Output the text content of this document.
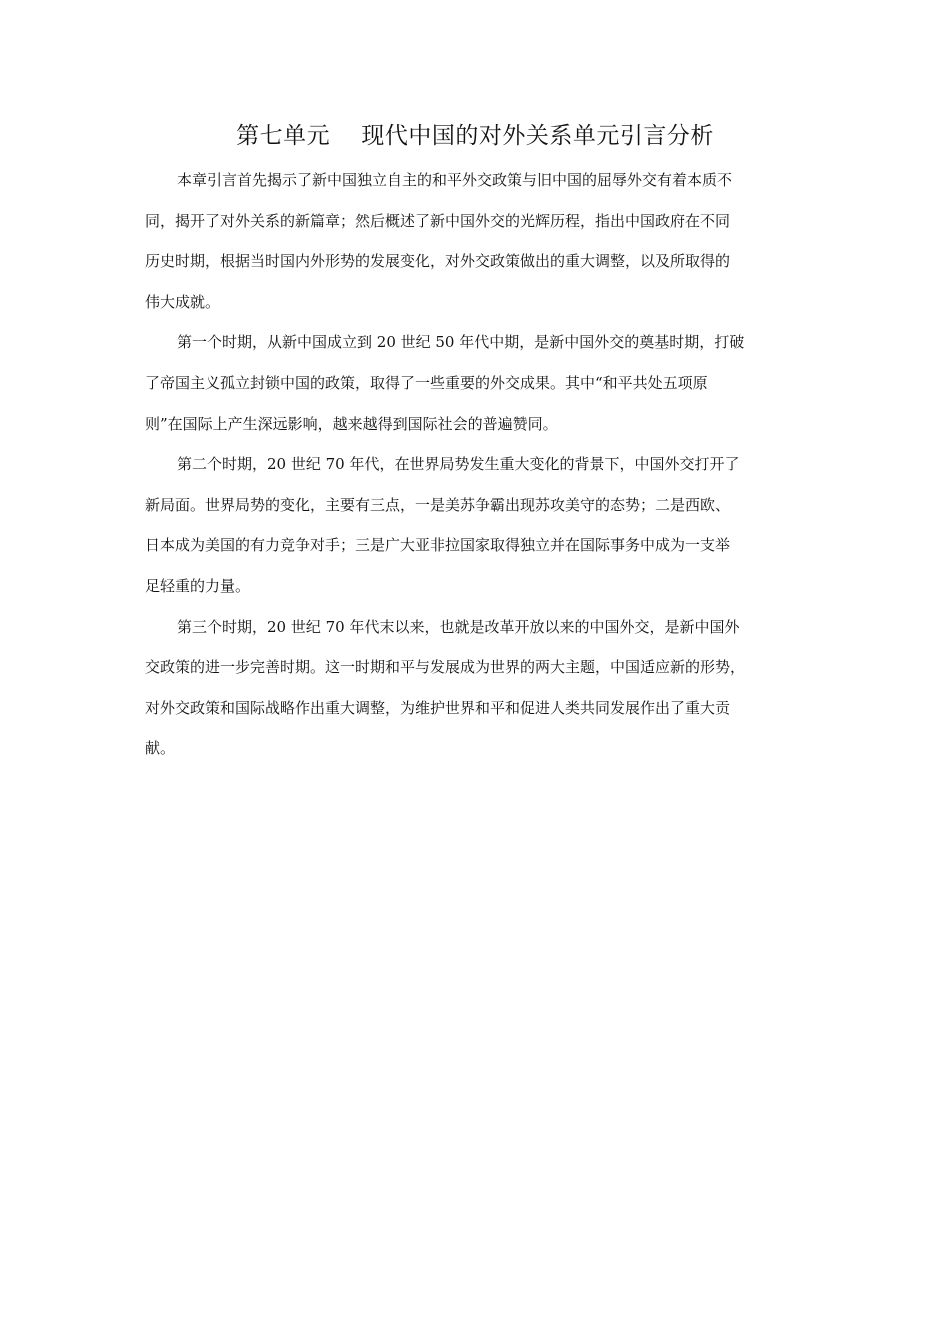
第七单元    现代中国的对外关系单元引言分析

本章引言首先揭示了新中国独立自主的和平外交政策与旧中国的屈辱外交有着本质不
同，揭开了对外关系的新篇章；然后概述了新中国外交的光辉历程，指出中国政府在不同
历史时期，根据当时国内外形势的发展变化，对外交政策做出的重大调整，以及所取得的
伟大成就。

第一个时期，从新中国成立到 20 世纪 50 年代中期，是新中国外交的奠基时期，打破
了帝国主义孤立封锁中国的政策，取得了一些重要的外交成果。其中“和平共处五项原
则”在国际上产生深远影响，越来越得到国际社会的普遍赞同。

第二个时期，20 世纪 70 年代，在世界局势发生重大变化的背景下，中国外交打开了
新局面。世界局势的变化，主要有三点，一是美苏争霸出现苏攻美守的态势；二是西欧、
日本成为美国的有力竞争对手；三是广大亚非拉国家取得独立并在国际事务中成为一支举
足轻重的力量。

第三个时期，20 世纪 70 年代末以来，也就是改革开放以来的中国外交，是新中国外
交政策的进一步完善时期。这一时期和平与发展成为世界的两大主题，中国适应新的形势，
对外交政策和国际战略作出重大调整，为维护世界和平和促进人类共同发展作出了重大贡
献。
